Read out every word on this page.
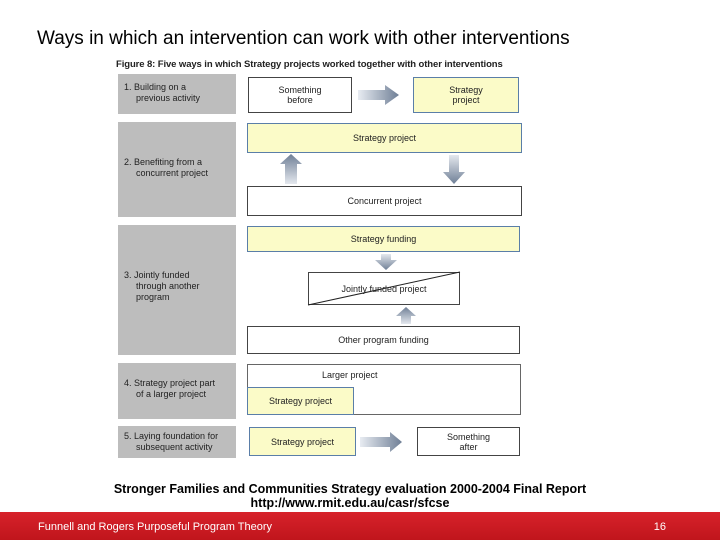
Ways in which an intervention can work with other interventions
Figure 8: Five ways in which Strategy projects worked together with other interventions
1. Building on a
previous activity
2. Benefiting from a
concurrent project
3. Jointly funded
through another
program
4. Strategy project part
of a larger project
5. Laying foundation for
subsequent activity
Something
before
Strategy
project
Strategy project
Concurrent project
Strategy funding
Jointly funded project
Other program funding
Larger project
Strategy project
Strategy project	Something
after
Stronger Families and Communities Strategy evaluation 2000-2004 Final Report
http://www.rmit.edu.au/casr/sfcse
Funnell and Rogers Purposeful Program Theory	16
